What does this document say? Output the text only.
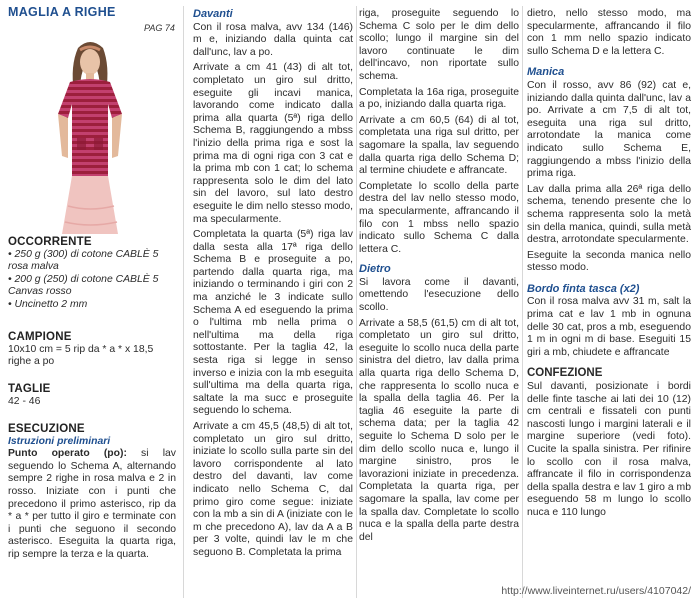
MAGLIA A RIGHE
PAG 74

OCCORRENTE

• 250 g (300) di cotone CABLÈ 5 rosa malva
• 200 g (250) di cotone CABLÈ 5 Canvas rosso
• Uncinetto 2 mm

CAMPIONE

10x10 cm = 5 rip da * a * x 18,5 righe a po

TAGLIE

42 - 46

ESECUZIONE

Istruzioni preliminari
Punto operato (po): si lav seguendo lo Schema A, alternando sempre 2 righe in rosa malva e 2 in rosso. Iniziate con i punti che precedono il primo asterisco, rip da * a * per tutto il giro e terminate con i punti che seguono il secondo asterisco. Eseguita la quarta riga, rip sempre la terza e la quarta.
Davanti

Con il rosa malva, avv 134 (146) m e, iniziando dalla quinta cat dall'unc, lav a po.

Arrivate a cm 41 (43) di alt tot, completato un giro sul dritto, eseguite gli incavi manica, lavorando come indicato dalla prima alla quarta (5ª) riga dello Schema B, raggiungendo a mbss l'inizio della prima riga e sost la prima ma di ogni riga con 3 cat e la prima mb con 1 cat; lo schema rappresenta solo le dim del lato sin del lavoro, sul lato destro eseguite le dim nello stesso modo, ma specularmente.

Completata la quarta (5ª) riga lav dalla sesta alla 17ª riga dello Schema B e proseguite a po, partendo dalla quarta riga, ma iniziando o terminando i giri con 2 ma anziché le 3 indicate sullo Schema A ed eseguendo la prima o l'ultima mb nella prima o nell'ultima ma della riga sottostante. Per la taglia 42, la sesta riga si legge in senso inverso e inizia con la mb eseguita sull'ultima ma della quarta riga, saltate la ma succ e proseguite seguendo lo schema.

Arrivate a cm 45,5 (48,5) di alt tot, completato un giro sul dritto, iniziate lo scollo sulla parte sin del lavoro corrispondente al lato destro del davanti, lav come indicato nello Schema C, dal primo giro come segue: iniziate con la mb a sin di A (iniziate con le m che precedono A), lav da A a B per 3 volte, quindi lav le m che seguono B. Completata la prima

riga, proseguite seguendo lo Schema C solo per le dim dello scollo; lungo il margine sin del lavoro continuate le dim dell'incavo, non riportate sullo schema.

Completata la 16a riga, proseguite a po, iniziando dalla quarta riga.

Arrivate a cm 60,5 (64) di al tot, completata una riga sul dritto, per sagomare la spalla, lav seguendo dalla quarta riga dello Schema D; al termine chiudete e affrancate.

Completate lo scollo della parte destra del lav nello stesso modo, ma specularmente, affrancando il filo con 1 mbss nello spazio indicato sullo Schema C dalla lettera C.

Dietro

Si lavora come il davanti, omettendo l'esecuzione dello scollo.

Arrivate a 58,5 (61,5) cm di alt tot, completato un giro sul dritto, eseguite lo scollo nuca della parte sinistra del dietro, lav dalla prima alla quarta riga dello Schema D, che rappresenta lo scollo nuca e la spalla della taglia 46. Per la taglia 46 eseguite la parte di schema data; per la taglia 42 seguite lo Schema D solo per le dim dello scollo nuca e, lungo il margine sinistro, pros le lavorazioni iniziate in precedenza. Completata la quarta riga, per sagomare la spalla, lav come per la spalla dav. Completate lo scollo nuca e la spalla della parte destra del

dietro, nello stesso modo, ma specularmente, affrancando il filo con 1 mm nello spazio indicato sullo Schema D e la lettera C.

Manica

Con il rosso, avv 86 (92) cat e, iniziando dalla quinta dall'unc, lav a po. Arrivate a cm 7,5 di alt tot, eseguita una riga sul dritto, arrotondate la manica come indicato sullo Schema E, raggiungendo a mbss l'inizio della prima riga.

Lav dalla prima alla 26ª riga dello schema, tenendo presente che lo schema rappresenta solo la metà sin della manica, quindi, sulla metà destra, arrotondate specularmente.

Eseguite la seconda manica nello stesso modo.

Bordo finta tasca (x2)

Con il rosa malva avv 31 m, salt la prima cat e lav 1 mb in ognuna delle 30 cat, pros a mb, eseguendo 1 m in ogni m di base. Eseguiti 15 giri a mb, chiudete e affrancate

CONFEZIONE

Sul davanti, posizionate i bordi delle finte tasche ai lati dei 10 (12) cm centrali e fissateli con punti nascosti lungo i margini laterali e il margine superiore (vedi foto). Cucite la spalla sinistra. Per rifinire lo scollo con il rosa malva, affrancate il filo in corrispondenza della spalla destra e lav 1 giro a mb eseguendo 58 m lungo lo scollo nuca e 110 lungo

http://www.liveinternet.ru/users/4107042/
